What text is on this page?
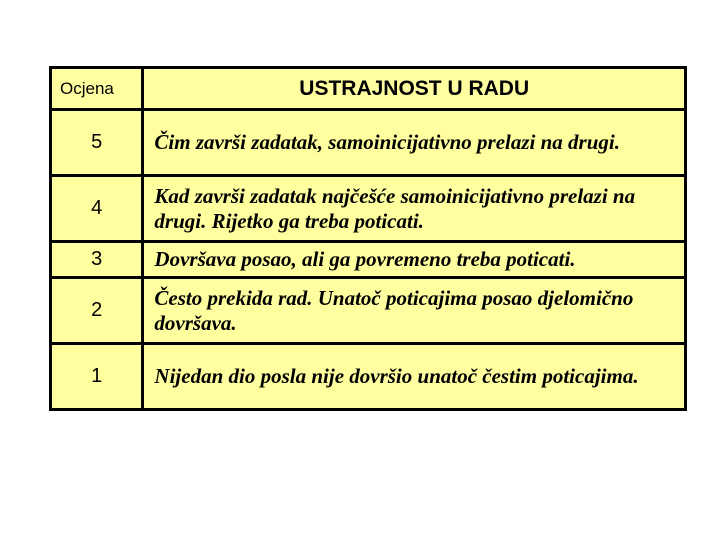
Ocjena	USTRAJNOST U RADU
5	Čim završi zadatak, samoinicijativno prelazi na drugi.
4	Kad završi zadatak najčešće samoinicijativno prelazi na drugi. Rijetko ga treba poticati.
3	Dovršava posao, ali ga povremeno treba poticati.
2	Često prekida rad. Unatoč poticajima posao djelomično dovršava.
1	Nijedan dio posla nije dovršio unatoč čestim poticajima.
